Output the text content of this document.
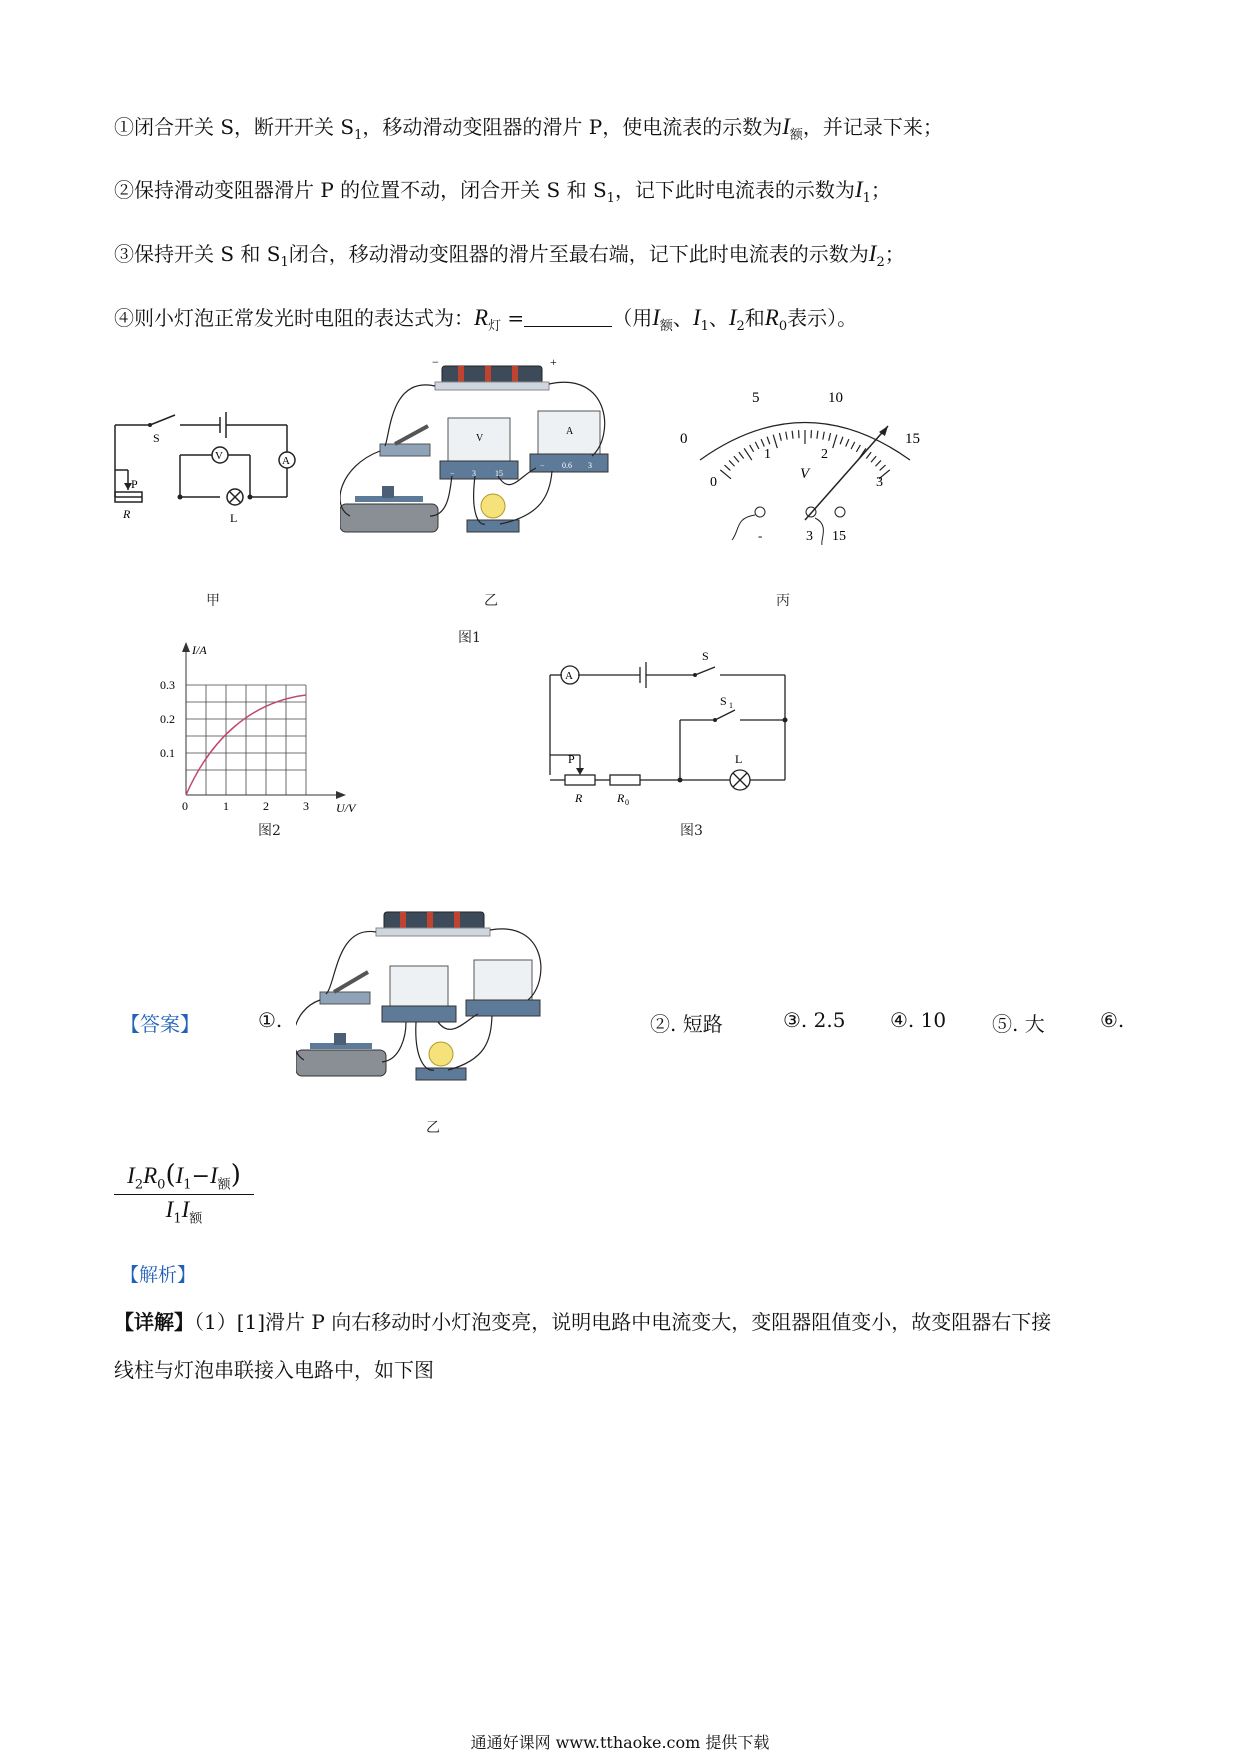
①闭合开关 S，断开开关 $S_1$，移动滑动变阻器的滑片 P，使电流表的示数为$I_额$，并记录下来；
②保持滑动变阻器滑片 P 的位置不动，闭合开关 S 和 $S_1$，记下此时电流表的示数为$I_1$；
③保持开关 S 和 $S_1$闭合，移动滑动变阻器的滑片至最右端，记下此时电流表的示数为$I_2$；
④则小灯泡正常发光时电阻的表达式为：$R_灯$ =	（用$I_额$、$I_1$、$I_2$和$R_0$表示）。
S
P
R	L
V	A
甲
−	+
V
− 3 15
A
− 0.6 3
乙
5	10
0	15
0
1	2
3
V
-	3 15
丙
图1
I/A
U/V
0.3
0.2
0.1
0	1	2	3
图2
A
S
S 1
L
P
R	R 0
图3
【答案】	①.
乙
②. 短路	③. 2.5 ④. 10 ⑤. 大	⑥.
$I_2R_0(I_1-I_额)$
$I_1I_额$
【解析】
【详解】（1）[1]滑片 P 向右移动时小灯泡变亮，说明电路中电流变大，变阻器阻值变小，故变阻器右下接
线柱与灯泡串联接入电路中，如下图
通通好课网 www.tthaoke.com 提供下载
